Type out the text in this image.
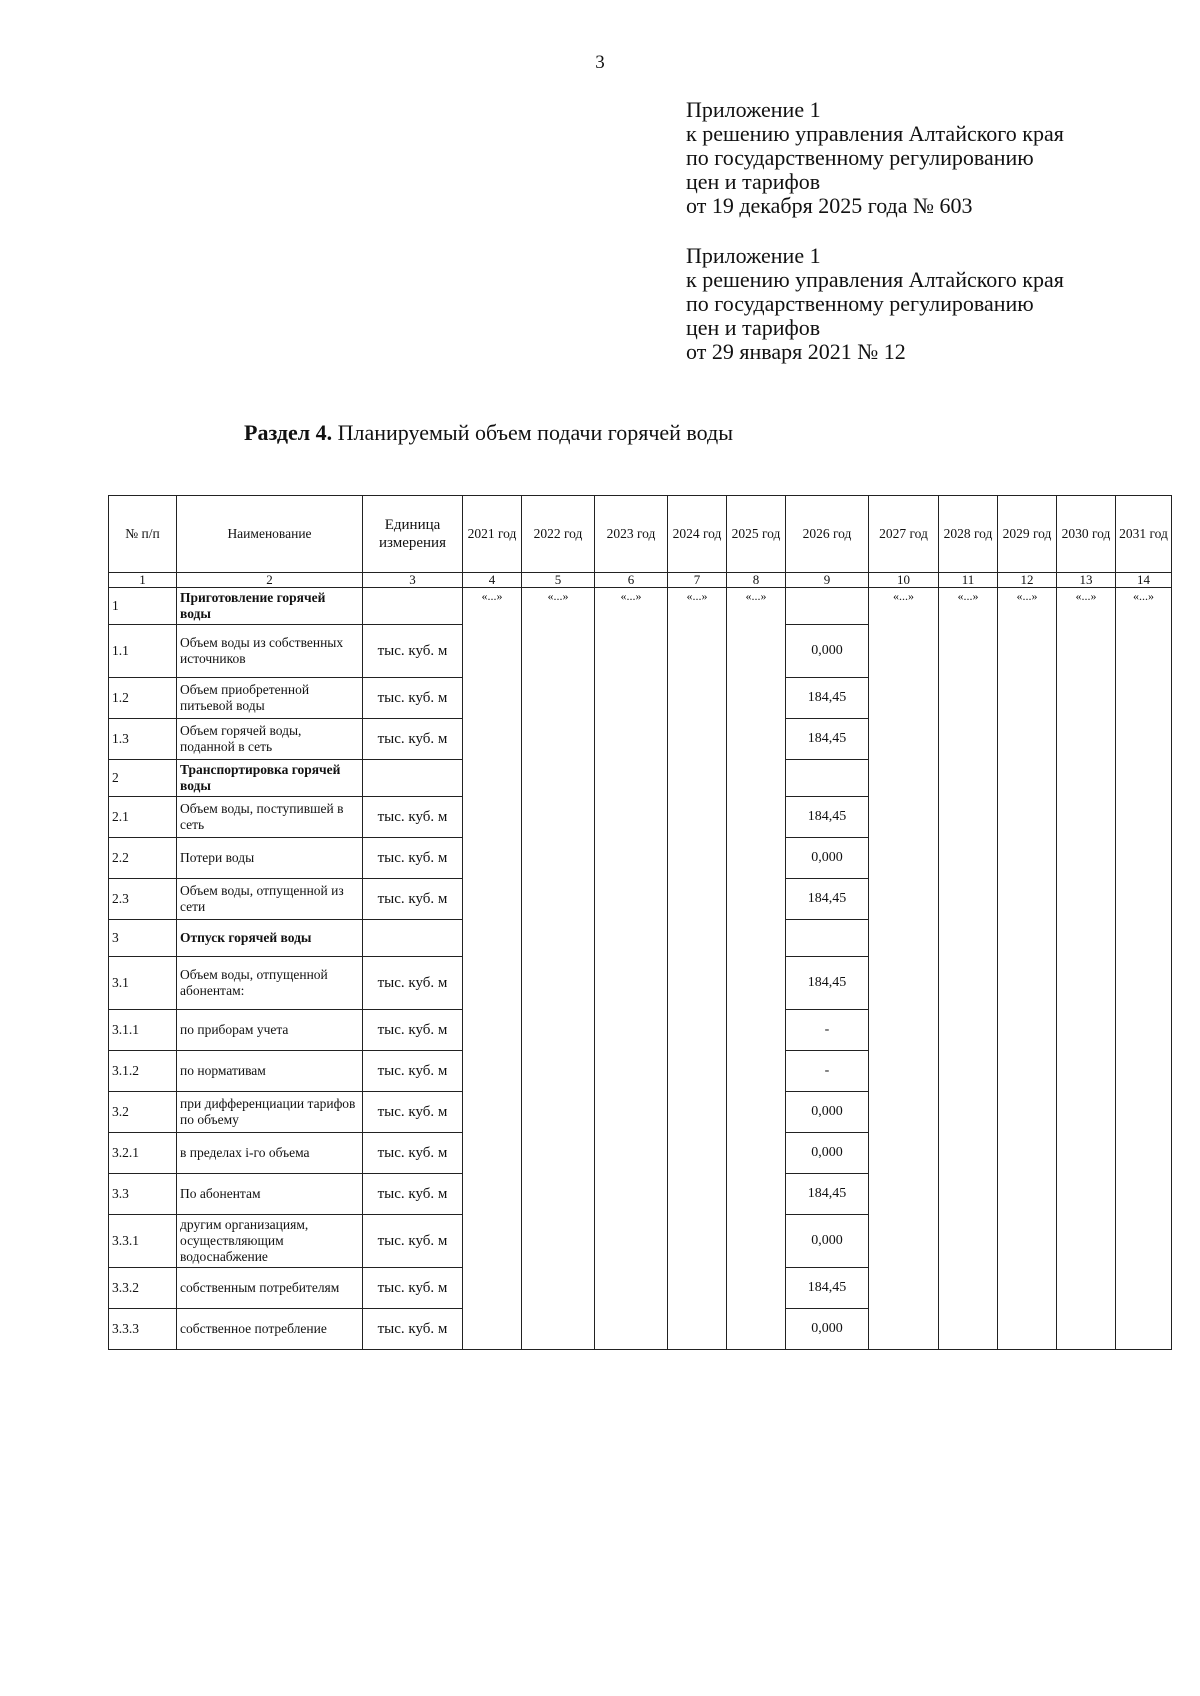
3
Приложение 1
к решению управления Алтайского края
по государственному регулированию
цен и тарифов
от 19 декабря 2025 года № 603
Приложение 1
к решению управления Алтайского края
по государственному регулированию
цен и тарифов
от 29 января 2021 № 12
Раздел 4. Планируемый объем подачи горячей воды
№ п/п	Наименование	Единица измерения	2021 год	2022 год	2023 год	2024 год	2025 год	2026 год	2027 год	2028 год	2029 год	2030 год	2031 год
1	2	3	4	5	6	7	8	9	10	11	12	13	14
1	Приготовление горячей воды		«...»	«...»	«...»	«...»	«...»		«...»	«...»	«...»	«...»	«...»
1.1	Объем воды из собственных источников	тыс. куб. м						0,000					
1.2	Объем приобретенной питьевой воды	тыс. куб. м						184,45					
1.3	Объем горячей воды, поданной в сеть	тыс. куб. м						184,45					
2	Транспортировка горячей воды												
2.1	Объем воды, поступившей в сеть	тыс. куб. м						184,45					
2.2	Потери воды	тыс. куб. м						0,000					
2.3	Объем воды, отпущенной из сети	тыс. куб. м						184,45					
3	Отпуск горячей воды												
3.1	Объем воды, отпущенной абонентам:	тыс. куб. м						184,45					
3.1.1	по приборам учета	тыс. куб. м						-					
3.1.2	по нормативам	тыс. куб. м						-					
3.2	при дифференциации тарифов по объему	тыс. куб. м						0,000					
3.2.1	в пределах i-го объема	тыс. куб. м						0,000					
3.3	По абонентам	тыс. куб. м						184,45					
3.3.1	другим организациям, осуществляющим водоснабжение	тыс. куб. м						0,000					
3.3.2	собственным потребителям	тыс. куб. м						184,45					
3.3.3	собственное потребление	тыс. куб. м						0,000					
